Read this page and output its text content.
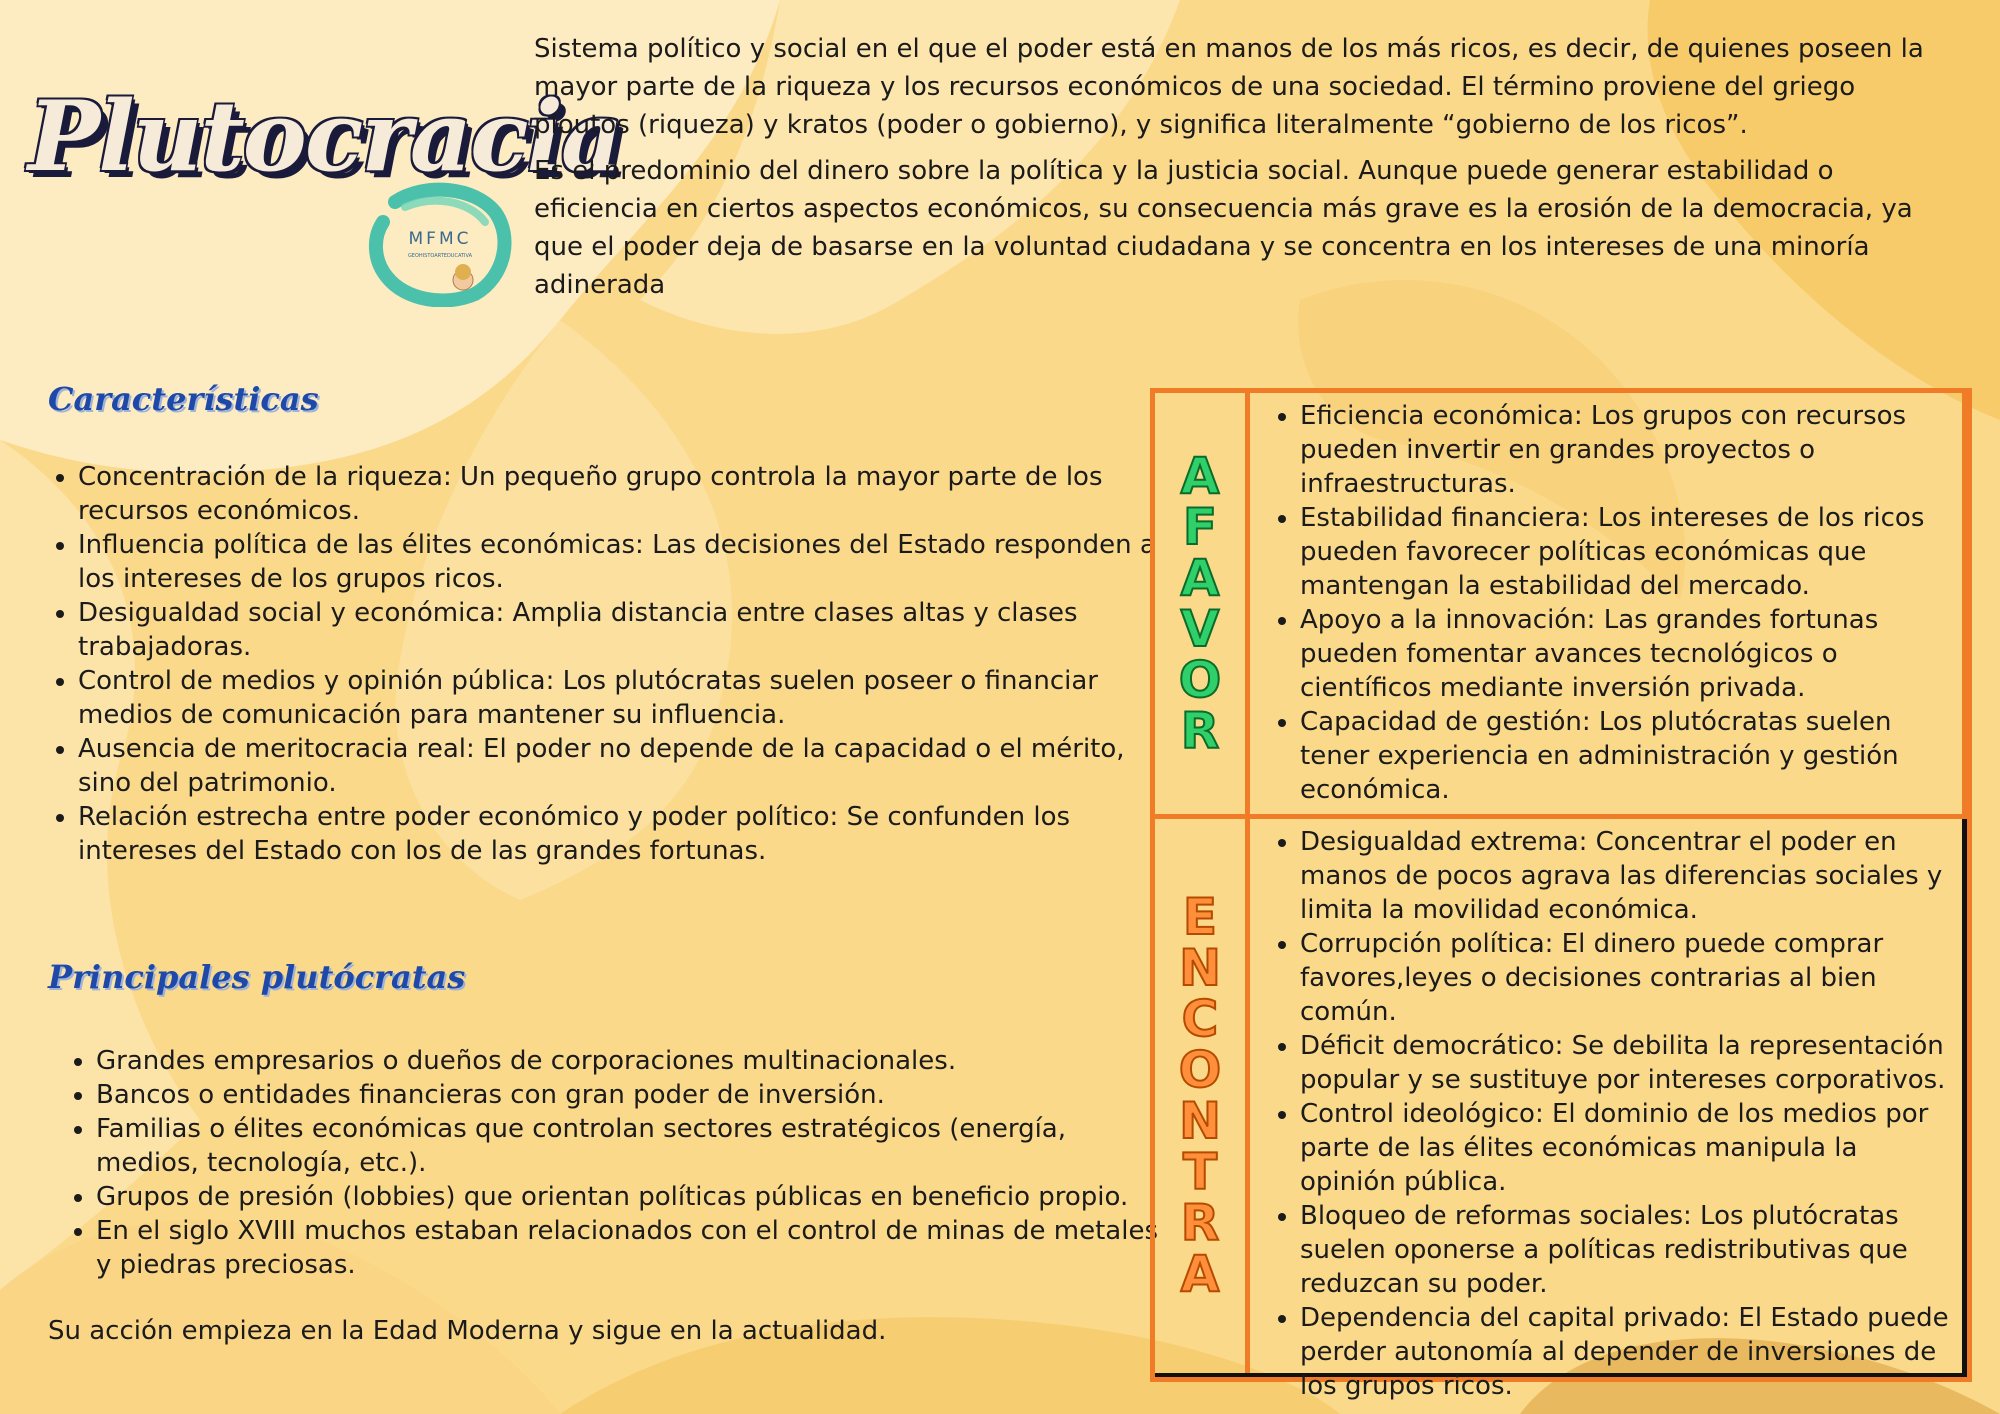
Plutocracia
MFMC
GEOHISTOARTEDUCATIVA

Sistema político y social en el que el poder está en manos de los más ricos, es decir, de quienes poseen la mayor parte de la riqueza y los recursos económicos de una sociedad. El término proviene del griego ploutos (riqueza) y kratos (poder o gobierno), y significa literalmente “gobierno de los ricos”.

Es el predominio del dinero sobre la política y la justicia social. Aunque puede generar estabilidad o eficiencia en ciertos aspectos económicos, su consecuencia más grave es la erosión de la democracia, ya que el poder deja de basarse en la voluntad ciudadana y se concentra en los intereses de una minoría adinerada

Características
• Concentración de la riqueza: Un pequeño grupo controla la mayor parte de los recursos económicos.
• Influencia política de las élites económicas: Las decisiones del Estado responden a los intereses de los grupos ricos.
• Desigualdad social y económica: Amplia distancia entre clases altas y clases trabajadoras.
• Control de medios y opinión pública: Los plutócratas suelen poseer o financiar medios de comunicación para mantener su influencia.
• Ausencia de meritocracia real: El poder no depende de la capacidad o el mérito, sino del patrimonio.
• Relación estrecha entre poder económico y poder político: Se confunden los intereses del Estado con los de las grandes fortunas.
Principales plutócratas
• Grandes empresarios o dueños de corporaciones multinacionales.
• Bancos o entidades financieras con gran poder de inversión.
• Familias o élites económicas que controlan sectores estratégicos (energía, medios, tecnología, etc.).
• Grupos de presión (lobbies) que orientan políticas públicas en beneficio propio.
• En el siglo XVIII muchos estaban relacionados con el control de minas de metales y piedras preciosas.

Su acción empieza en la Edad Moderna y sigue en la actualidad.

AFAVOR
• Eficiencia económica: Los grupos con recursos pueden invertir en grandes proyectos o infraestructuras.
• Estabilidad financiera: Los intereses de los ricos pueden favorecer políticas económicas que mantengan la estabilidad del mercado.
• Apoyo a la innovación: Las grandes fortunas pueden fomentar avances tecnológicos o científicos mediante inversión privada.
• Capacidad de gestión: Los plutócratas suelen tener experiencia en administración y gestión económica.
ENCONTRA
• Desigualdad extrema: Concentrar el poder en manos de pocos agrava las diferencias sociales y limita la movilidad económica.
• Corrupción política: El dinero puede comprar favores,leyes o decisiones contrarias al bien común.
• Déficit democrático: Se debilita la representación popular y se sustituye por intereses corporativos.
• Control ideológico: El dominio de los medios por parte de las élites económicas manipula la opinión pública.
• Bloqueo de reformas sociales: Los plutócratas suelen oponerse a políticas redistributivas que reduzcan su poder.
• Dependencia del capital privado: El Estado puede perder autonomía al depender de inversiones de los grupos ricos.
